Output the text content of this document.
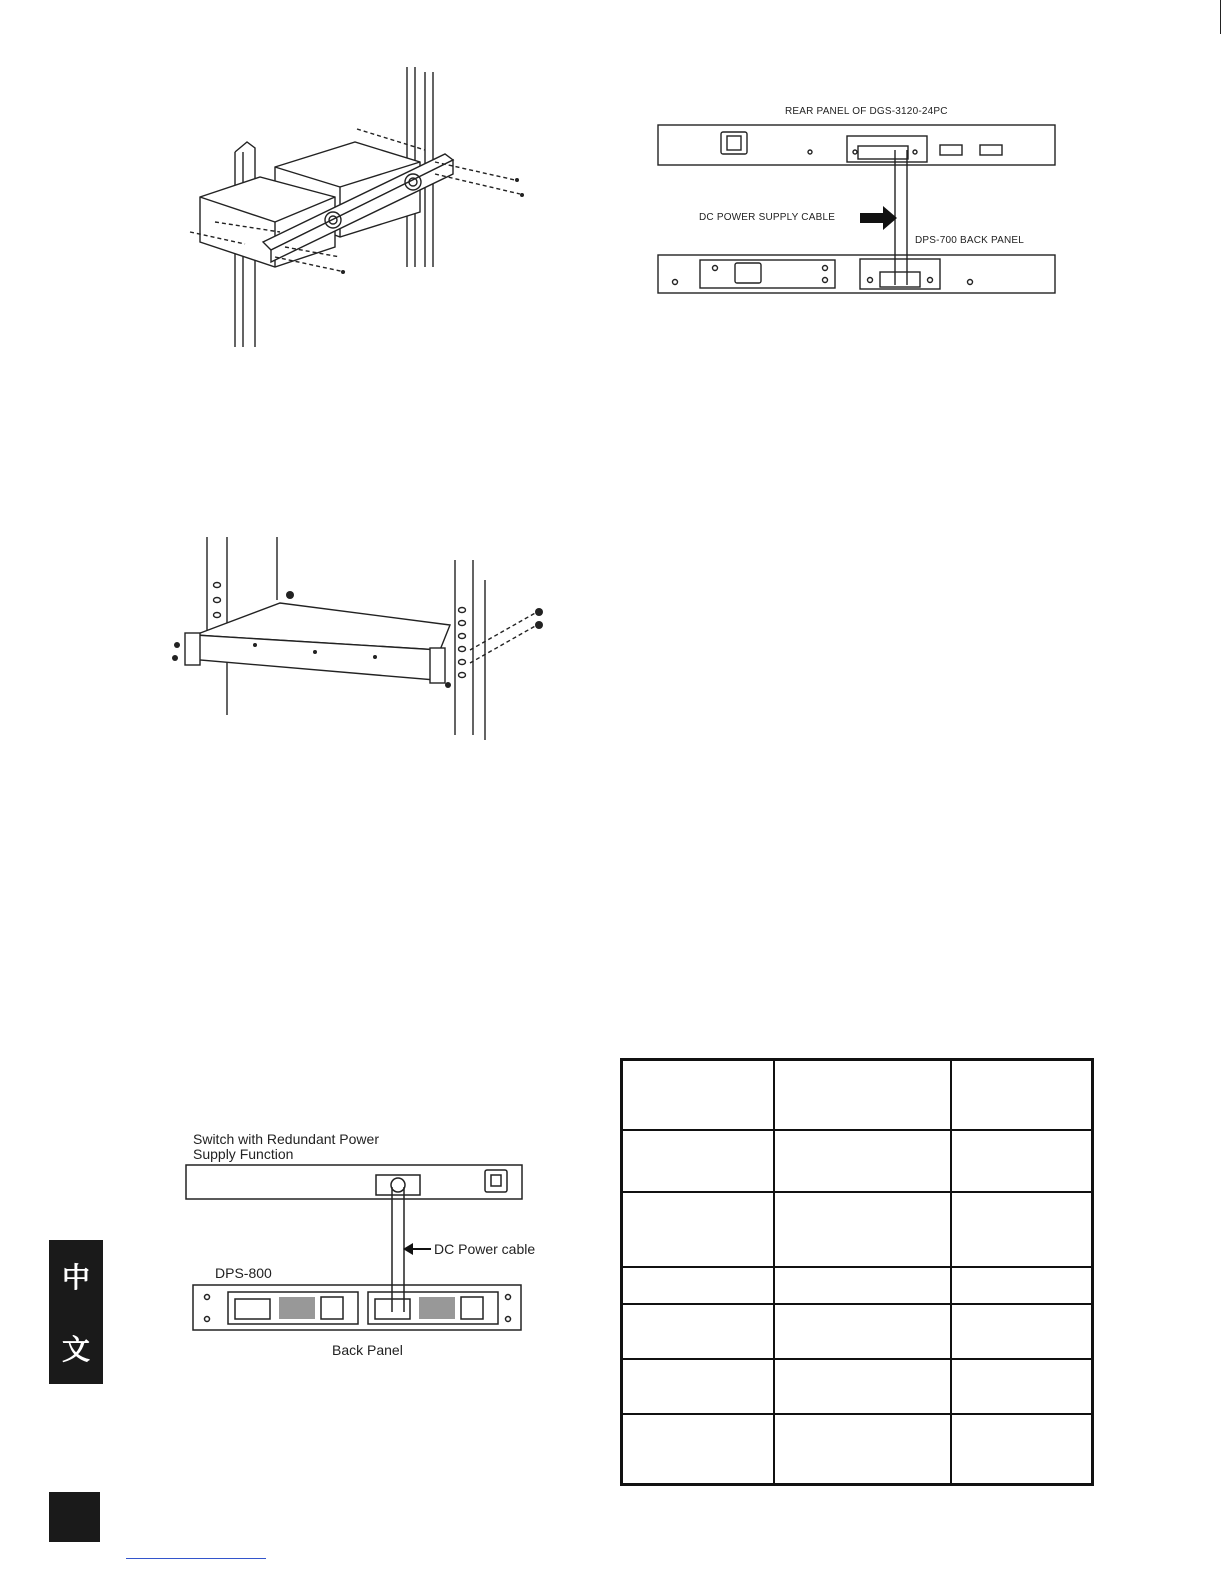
REAR PANEL OF DGS-3120-24PC
DC POWER SUPPLY CABLE
DPS-700 BACK PANEL
Switch with Redundant Power
Supply Function
DC Power cable
DPS-800
Back Panel

中
文
